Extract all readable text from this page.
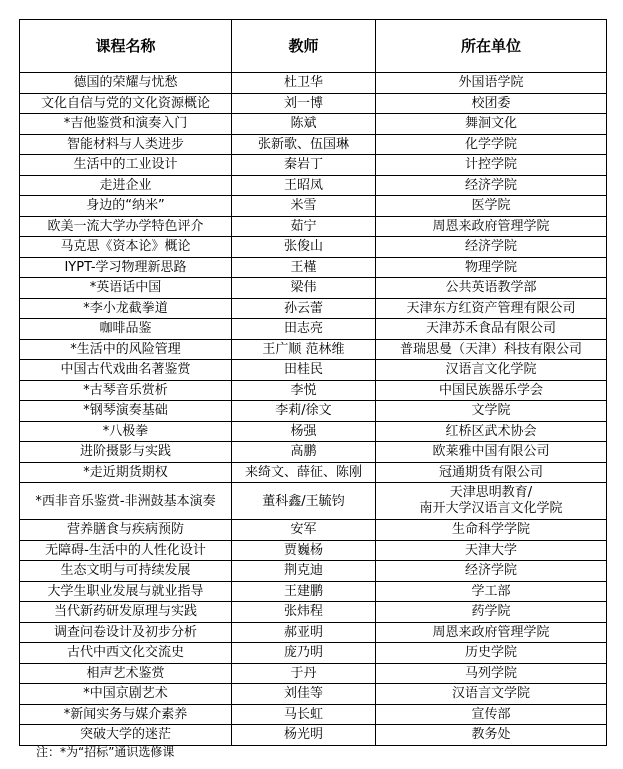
课程名称	教师	所在单位
德国的荣耀与忧愁	杜卫华	外国语学院
文化自信与党的文化资源概论	刘一博	校团委
*吉他鉴赏和演奏入门	陈斌	舞洄文化
智能材料与人类进步	张新歌、伍国琳	化学学院
生活中的工业设计	秦岩丁	计控学院
走进企业	王昭凤	经济学院
身边的“纳米”	米雪	医学院
欧美一流大学办学特色评介	茹宁	周恩来政府管理学院
马克思《资本论》概论	张俊山	经济学院
IYPT-学习物理新思路	王槿	物理学院
*英语话中国	梁伟	公共英语教学部
*李小龙截拳道	孙云蕾	天津东方红资产管理有限公司
咖啡品鉴	田志亮	天津苏禾食品有限公司
*生活中的风险管理	王广顺 范林维	普瑞思曼（天津）科技有限公司
中国古代戏曲名著鉴赏	田桂民	汉语言文化学院
*古琴音乐赏析	李悦	中国民族器乐学会
*钢琴演奏基础	李莉/徐文	文学院
*八极拳	杨强	红桥区武术协会
进阶摄影与实践	高鹏	欧莱雅中国有限公司
*走近期货期权	来绮文、薛征、陈刚	冠通期货有限公司
*西非音乐鉴赏-非洲鼓基本演奏	董科鑫/王毓钧	天津思明教育/
南开大学汉语言文化学院

营养膳食与疾病预防	安军	生命科学学院
无障碍-生活中的人性化设计	贾巍杨	天津大学
生态文明与可持续发展	荆克迪	经济学院
大学生职业发展与就业指导	王建鹏	学工部
当代新药研发原理与实践	张炜程	药学院
调查问卷设计及初步分析	郝亚明	周恩来政府管理学院
古代中西文化交流史	庞乃明	历史学院
相声艺术鉴赏	于丹	马列学院
*中国京剧艺术	刘佳等	汉语言文学院
*新闻实务与媒介素养	马长虹	宣传部
突破大学的迷茫	杨光明	教务处
注：*为“招标”通识选修课
